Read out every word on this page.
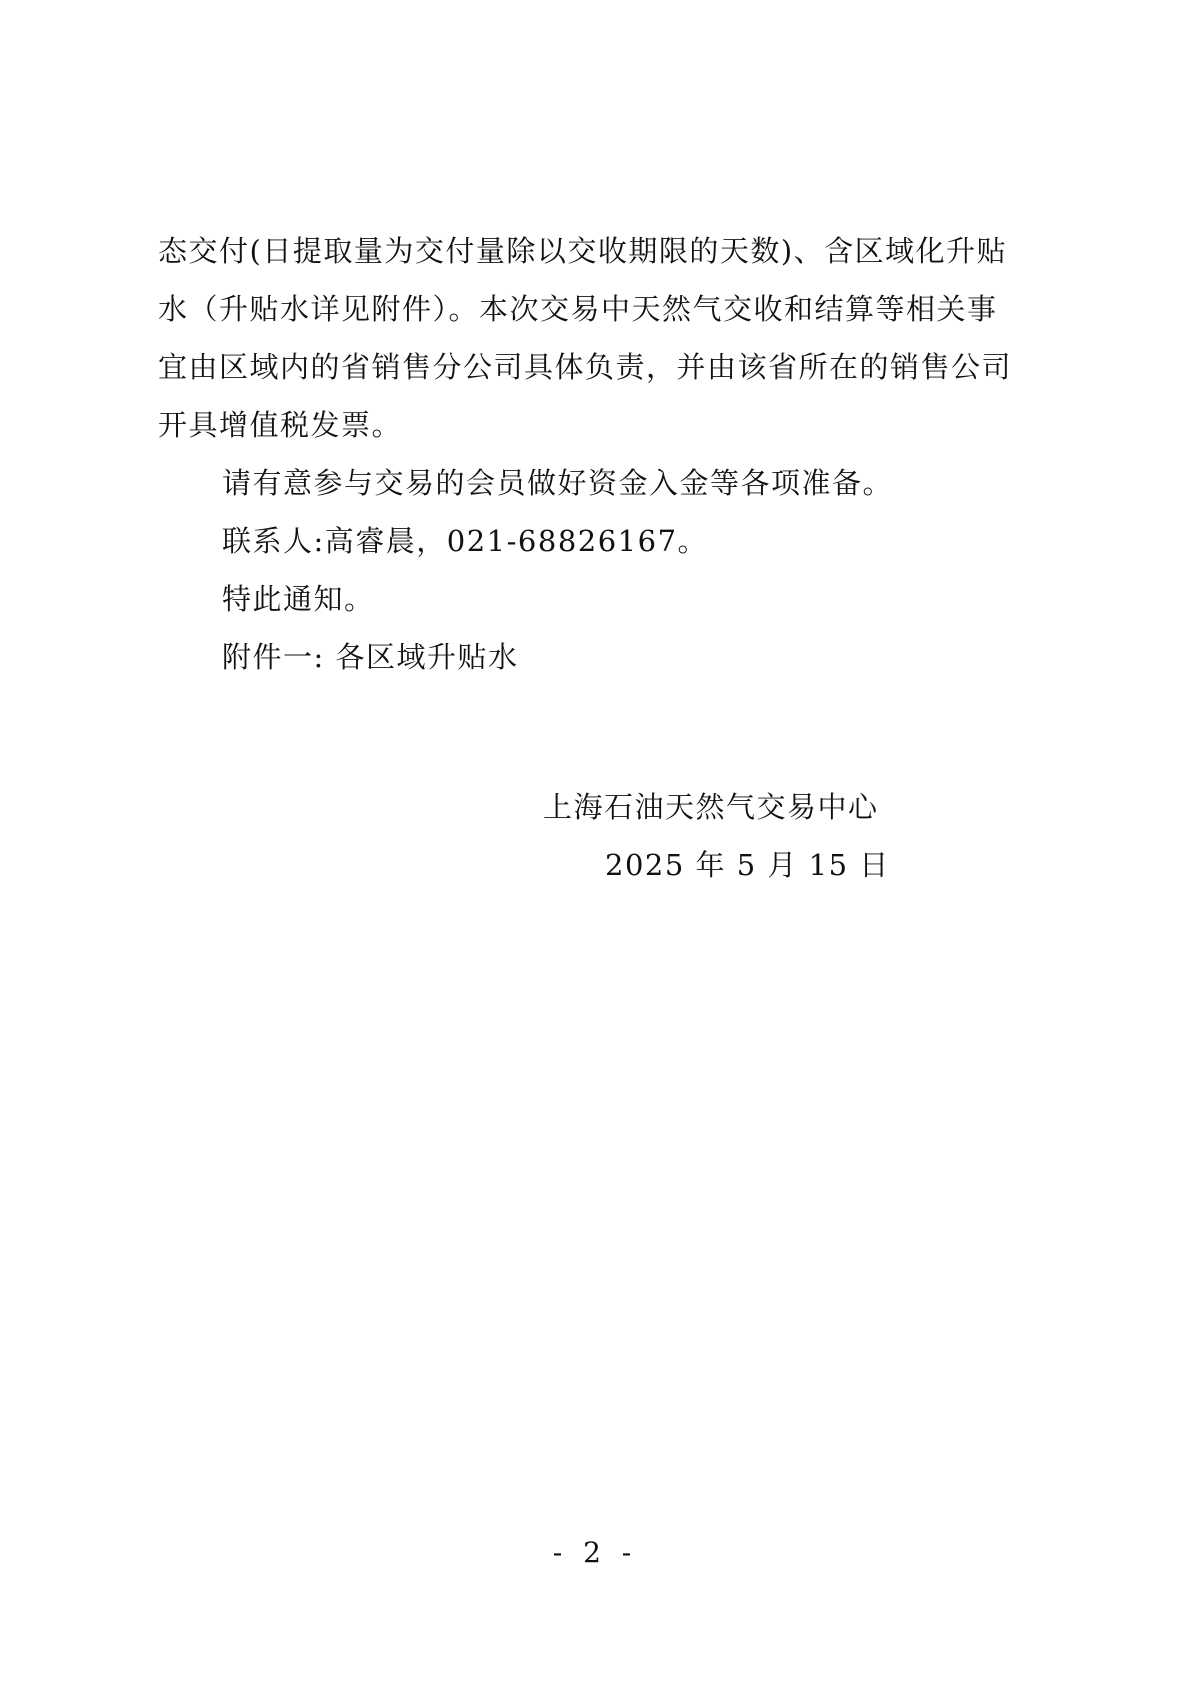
态交付(日提取量为交付量除以交收期限的天数)、含区域化升贴
水（升贴水详见附件）。本次交易中天然气交收和结算等相关事
宜由区域内的省销售分公司具体负责，并由该省所在的销售公司
开具增值税发票。
请有意参与交易的会员做好资金入金等各项准备。
联系人:高睿晨，021-68826167。
特此通知。
附件一: 各区域升贴水
上海石油天然气交易中心
2025 年 5 月 15 日
- 2 -
